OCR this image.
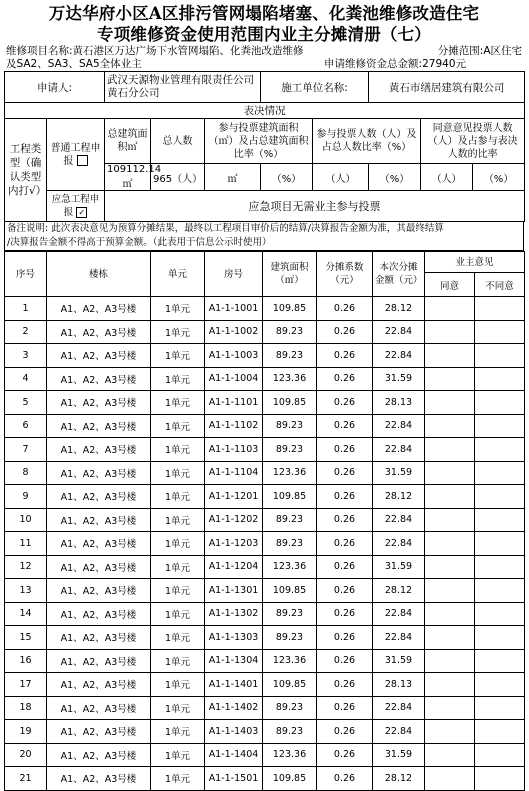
万达华府小区A区排污管网塌陷堵塞、化粪池维修改造住宅
专项维修资金使用范围内业主分摊清册（七）
维修项目名称:黄石港区万达广场下水管网塌陷、化粪池改造维修	分摊范围:A区住宅
及SA2、SA3、SA5全体业主	申请维修资金总金额:27940元
申请人:		武汉天源物业管理有限责任公司黄石分公司			施工单位名称:		黄石市缮居建筑有限公司		
表决情况									
工程类型（确认类型内打√）	普通工程申报	总建筑面积㎡	总人数	参与投票建筑面积（㎡）及占总建筑面积比率（%）		参与投票人数（人）及占总人数比率（%）		同意意见投票人数（人）及占参与表决人数的比率	
		109112.14㎡	965（人）	㎡	（%）	（人）	（%）	（人）	（%）
	应急工程申报 ✓	应急项目无需业主参与投票							
备注说明: 此次表决意见为预算分摊结果，最终以工程项目审价后的结算/决算报告金额为准，其最终结算
/决算报告金额不得高于预算金额。（此表用于信息公示时使用）
序号	楼栋	单元	房号	建筑面积（㎡）	分摊系数（元）	本次分摊金额（元）	业主意见	
							同意	不同意
1	A1、A2、A3号楼	1单元	A1-1-1001	109.85	0.26	28.12		
2	A1、A2、A3号楼	1单元	A1-1-1002	89.23	0.26	22.84		
3	A1、A2、A3号楼	1单元	A1-1-1003	89.23	0.26	22.84		
4	A1、A2、A3号楼	1单元	A1-1-1004	123.36	0.26	31.59		
5	A1、A2、A3号楼	1单元	A1-1-1101	109.85	0.26	28.13		
6	A1、A2、A3号楼	1单元	A1-1-1102	89.23	0.26	22.84		
7	A1、A2、A3号楼	1单元	A1-1-1103	89.23	0.26	22.84		
8	A1、A2、A3号楼	1单元	A1-1-1104	123.36	0.26	31.59		
9	A1、A2、A3号楼	1单元	A1-1-1201	109.85	0.26	28.12		
10	A1、A2、A3号楼	1单元	A1-1-1202	89.23	0.26	22.84		
11	A1、A2、A3号楼	1单元	A1-1-1203	89.23	0.26	22.84		
12	A1、A2、A3号楼	1单元	A1-1-1204	123.36	0.26	31.59		
13	A1、A2、A3号楼	1单元	A1-1-1301	109.85	0.26	28.12		
14	A1、A2、A3号楼	1单元	A1-1-1302	89.23	0.26	22.84		
15	A1、A2、A3号楼	1单元	A1-1-1303	89.23	0.26	22.84		
16	A1、A2、A3号楼	1单元	A1-1-1304	123.36	0.26	31.59		
17	A1、A2、A3号楼	1单元	A1-1-1401	109.85	0.26	28.13		
18	A1、A2、A3号楼	1单元	A1-1-1402	89.23	0.26	22.84		
19	A1、A2、A3号楼	1单元	A1-1-1403	89.23	0.26	22.84		
20	A1、A2、A3号楼	1单元	A1-1-1404	123.36	0.26	31.59		
21	A1、A2、A3号楼	1单元	A1-1-1501	109.85	0.26	28.12		
